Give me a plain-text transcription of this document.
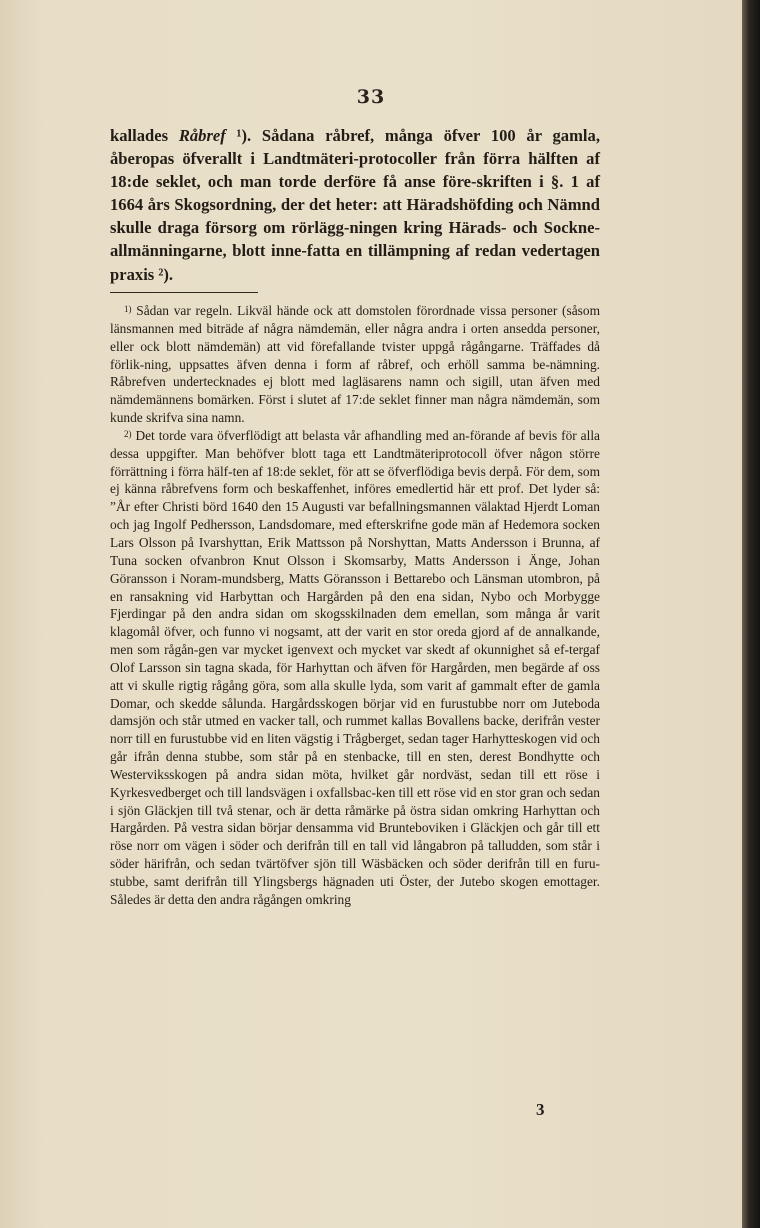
33

kallades Råbref ¹). Sådana råbref, många öfver 100 år gamla, åberopas öfverallt i Landtmäteri-protocoller från förra hälften af 18:de seklet, och man torde derföre få anse före-skriften i §. 1 af 1664 års Skogsordning, der det heter: att Häradshöfding och Nämnd skulle draga försorg om rörlägg-ningen kring Härads- och Sockne-allmänningarne, blott inne-fatta en tillämpning af redan vedertagen praxis ²).

$^{1)}$ Sådan var regeln. Likväl hände ock att domstolen förordnade vissa personer (såsom länsmannen med biträde af några nämdemän, eller några andra i orten ansedda personer, eller ock blott nämdemän) att vid förefallande tvister uppgå rågångarne. Träffades då förlik-ning, uppsattes äfven denna i form af råbref, och erhöll samma be-nämning. Råbrefven undertecknades ej blott med lagläsarens namn och sigill, utan äfven med nämdemännens bomärken. Först i slutet af 17:de seklet finner man några nämdemän, som kunde skrifva sina namn.

$^{2)}$ Det torde vara öfverflödigt att belasta vår afhandling med an-förande af bevis för alla dessa uppgifter. Man behöfver blott taga ett Landtmäteriprotocoll öfver någon större förrättning i förra hälf-ten af 18:de seklet, för att se öfverflödiga bevis derpå. För dem, som ej känna råbrefvens form och beskaffenhet, införes emedlertid här ett prof. Det lyder så: ”År efter Christi börd 1640 den 15 Augusti var befallningsmannen välaktad Hjerdt Loman och jag Ingolf Pedhersson, Landsdomare, med efterskrifne gode män af Hedemora socken Lars Olsson på Ivarshyttan, Erik Mattsson på Norshyttan, Matts Andersson i Brunna, af Tuna socken ofvanbron Knut Olsson i Skomsarby, Matts Andersson i Änge, Johan Göransson i Noram-mundsberg, Matts Göransson i Bettarebo och Länsman utombron, på en ransakning vid Harbyttan och Hargården på den ena sidan, Nybo och Morbygge Fjerdingar på den andra sidan om skogsskilnaden dem emellan, som många år varit klagomål öfver, och funno vi nogsamt, att der varit en stor oreda gjord af de annalkande, men som rågån-gen var mycket igenvext och mycket var skedt af okunnighet så ef-tergaf Olof Larsson sin tagna skada, för Harhyttan och äfven för Hargården, men begärde af oss att vi skulle rigtig rågång göra, som alla skulle lyda, som varit af gammalt efter de gamla Domar, och skedde sålunda. Hargårdsskogen börjar vid en furustubbe norr om Juteboda damsjön och står utmed en vacker tall, och rummet kallas Bovallens backe, derifrån vester norr till en furustubbe vid en liten vägstig i Trågberget, sedan tager Harhytteskogen vid och går ifrån denna stubbe, som står på en stenbacke, till en sten, derest Bondhytte och Westerviksskogen på andra sidan möta, hvilket går nordväst, sedan till ett röse i Kyrkesvedberget och till landsvägen i oxfallsbac-ken till ett röse vid en stor gran och sedan i sjön Gläckjen till två stenar, och är detta råmärke på östra sidan omkring Harhyttan och Hargården. På vestra sidan börjar densamma vid Brunteboviken i Gläckjen och går till ett röse norr om vägen i söder och derifrån till en tall vid långabron på talludden, som står i söder härifrån, och sedan tvärtöfver sjön till Wäsbäcken och söder derifrån till en furu-stubbe, samt derifrån till Ylingsbergs hägnaden uti Öster, der Jutebo skogen emottager. Således är detta den andra rågången omkring

3
